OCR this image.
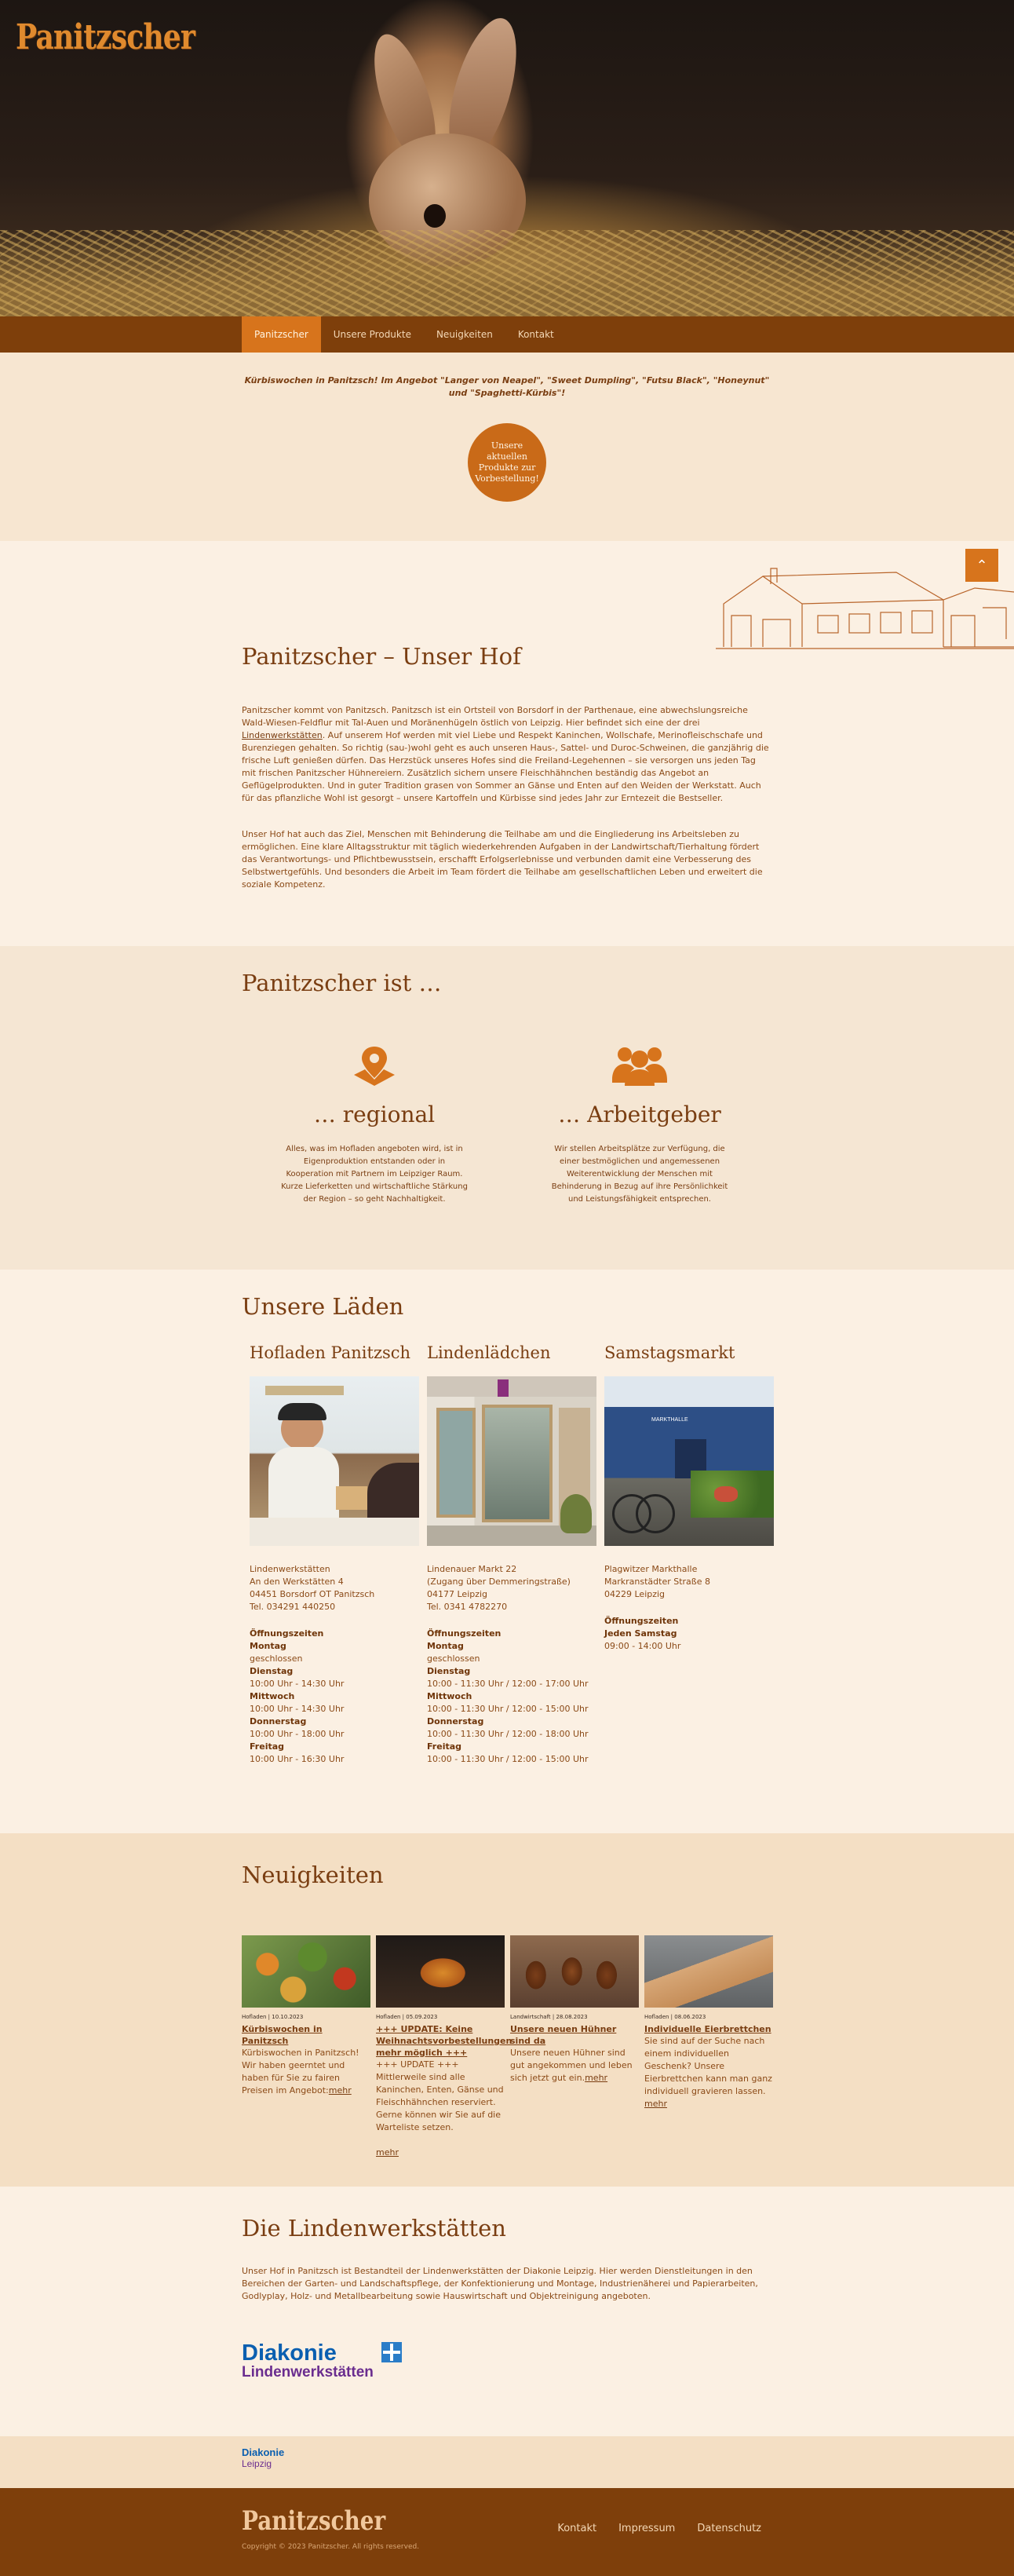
Panitzscher
Panitzscher	Unsere Produkte	Neuigkeiten	Kontakt

Kürbiswochen in Panitzsch! Im Angebot "Langer von Neapel", "Sweet Dumpling", "Futsu Black", "Honeynut" und "Spaghetti-Kürbis"!

Unsere aktuellen Produkte zur Vorbestellung!
⌃
Panitzscher – Unser Hof

Panitzscher kommt von Panitzsch. Panitzsch ist ein Ortsteil von Borsdorf in der Parthenaue, eine abwechslungsreiche Wald-Wiesen-Feldflur mit Tal-Auen und Moränenhügeln östlich von Leipzig. Hier befindet sich eine der drei Lindenwerkstätten. Auf unserem Hof werden mit viel Liebe und Respekt Kaninchen, Wollschafe, Merinofleischschafe und Burenziegen gehalten. So richtig (sau-)wohl geht es auch unseren Haus-, Sattel- und Duroc-Schweinen, die ganzjährig die frische Luft genießen dürfen. Das Herzstück unseres Hofes sind die Freiland-Legehennen – sie versorgen uns jeden Tag mit frischen Panitzscher Hühnereiern. Zusätzlich sichern unsere Fleischhähnchen beständig das Angebot an Geflügelprodukten. Und in guter Tradition grasen von Sommer an Gänse und Enten auf den Weiden der Werkstatt. Auch für das pflanzliche Wohl ist gesorgt – unsere Kartoffeln und Kürbisse sind jedes Jahr zur Erntezeit die Bestseller.

Unser Hof hat auch das Ziel, Menschen mit Behinderung die Teilhabe am und die Eingliederung ins Arbeitsleben zu ermöglichen. Eine klare Alltagsstruktur mit täglich wiederkehrenden Aufgaben in der Landwirtschaft/Tierhaltung fördert das Verantwortungs- und Pflichtbewusstsein, erschafft Erfolgserlebnisse und verbunden damit eine Verbesserung des Selbstwertgefühls. Und besonders die Arbeit im Team fördert die Teilhabe am gesellschaftlichen Leben und erweitert die soziale Kompetenz.

Panitzscher ist …
… regional

Alles, was im Hofladen angeboten wird, ist in Eigenproduktion entstanden oder in Kooperation mit Partnern im Leipziger Raum. Kurze Lieferketten und wirtschaftliche Stärkung der Region – so geht Nachhaltigkeit.

… Arbeitgeber

Wir stellen Arbeitsplätze zur Verfügung, die einer bestmöglichen und angemessenen Weiterentwicklung der Menschen mit Behinderung in Bezug auf ihre Persönlichkeit und Leistungsfähigkeit entsprechen.

Unsere Läden
Hofladen Panitzsch
Lindenwerkstätten
An den Werkstätten 4
04451 Borsdorf OT Panitzsch
Tel. 034291 440250
Öffnungszeiten
Montag
geschlossen
Dienstag
10:00 Uhr - 14:30 Uhr
Mittwoch
10:00 Uhr - 14:30 Uhr
Donnerstag
10:00 Uhr - 18:00 Uhr
Freitag
10:00 Uhr - 16:30 Uhr
Lindenlädchen
Lindenauer Markt 22
(Zugang über Demmeringstraße)
04177 Leipzig
Tel. 0341 4782270
Öffnungszeiten
Montag
geschlossen
Dienstag
10:00 - 11:30 Uhr / 12:00 - 17:00 Uhr
Mittwoch
10:00 - 11:30 Uhr / 12:00 - 15:00 Uhr
Donnerstag
10:00 - 11:30 Uhr / 12:00 - 18:00 Uhr
Freitag
10:00 - 11:30 Uhr / 12:00 - 15:00 Uhr
Samstagsmarkt
MARKTHALLE
Plagwitzer Markthalle
Markranstädter Straße 8
04229 Leipzig
Öffnungszeiten
Jeden Samstag
09:00 - 14:00 Uhr
Neuigkeiten
Hofladen | 10.10.2023
Kürbiswochen in Panitzsch
Kürbiswochen in Panitzsch! Wir haben geerntet und haben für Sie zu fairen Preisen im Angebot:mehr
Hofladen | 05.09.2023
+++ UPDATE: Keine Weihnachtsvorbestellungen mehr möglich +++
+++ UPDATE +++ Mittlerweile sind alle Kaninchen, Enten, Gänse und Fleischhähnchen reserviert. Gerne können wir Sie auf die Warteliste setzen.
mehr
Landwirtschaft | 28.08.2023
Unsere neuen Hühner sind da
Unsere neuen Hühner sind gut angekommen und leben sich jetzt gut ein.mehr
Hofladen | 08.06.2023
Individuelle Eierbrettchen
Sie sind auf der Suche nach einem individuellen Geschenk? Unsere Eierbrettchen kann man ganz individuell gravieren lassen. mehr
Die Lindenwerkstätten

Unser Hof in Panitzsch ist Bestandteil der Lindenwerkstätten der Diakonie Leipzig. Hier werden Dienstleitungen in den Bereichen der Garten- und Landschaftspflege, der Konfektionierung und Montage, Industrienäherei und Papierarbeiten, Godlyplay, Holz- und Metallbearbeitung sowie Hauswirtschaft und Objektreinigung angeboten.

Diakonie
Lindenwerkstätten
Diakonie
Leipzig
Panitzscher
Copyright © 2023 Panitzscher. All rights reserved.
Kontakt Impressum Datenschutz
